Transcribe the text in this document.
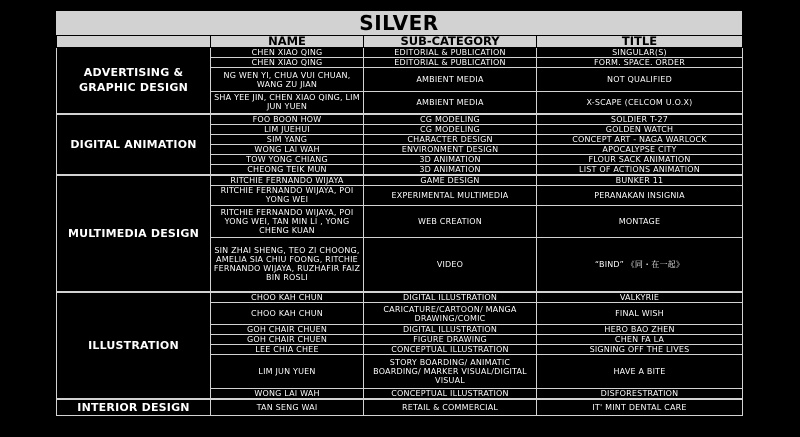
SILVER
	NAME	SUB-CATEGORY	TITLE
ADVERTISING & GRAPHIC DESIGN	CHEN XIAO QING	EDITORIAL & PUBLICATION	SINGULAR(S)
	CHEN XIAO QING	EDITORIAL & PUBLICATION	FORM. SPACE. ORDER
	NG WEN YI, CHUA VUI CHUAN, WANG ZU JIAN	AMBIENT MEDIA	NOT QUALIFIED
	SHA YEE JIN, CHEN XIAO QING, LIM JUN YUEN	AMBIENT MEDIA	X-SCAPE (CELCOM U.O.X)
DIGITAL ANIMATION	FOO BOON HOW	CG MODELING	SOLDIER T-27
	LIM JUEHUI	CG MODELING	GOLDEN WATCH
	SIM YANG	CHARACTER DESIGN	CONCEPT ART - NAGA WARLOCK
	WONG LAI WAH	ENVIRONMENT DESIGN	APOCALYPSE CITY
	TOW YONG CHIANG	3D ANIMATION	FLOUR SACK ANIMATION
	CHEONG TEIK MUN	3D ANIMATION	LIST OF ACTIONS ANIMATION
MULTIMEDIA DESIGN	RITCHIE FERNANDO WIJAYA	GAME DESIGN	BUNKER 11
	RITCHIE FERNANDO WIJAYA, POI YONG WEI	EXPERIMENTAL MULTIMEDIA	PERANAKAN INSIGNIA
	RITCHIE FERNANDO WIJAYA, POI YONG WEI, TAN MIN LI , YONG CHENG KUAN	WEB CREATION	MONTAGE
	SIN ZHAI SHENG, TEO ZI CHOONG, AMELIA SIA CHIU FOONG, RITCHIE FERNANDO WIJAYA, RUZHAFIR FAIZ BIN ROSLI	VIDEO	“BIND” 《同・在一起》
ILLUSTRATION	CHOO KAH CHUN	DIGITAL ILLUSTRATION	VALKYRIE
	CHOO KAH CHUN	CARICATURE/CARTOON/ MANGA DRAWING/COMIC	FINAL WISH
	GOH CHAIR CHUEN	DIGITAL ILLUSTRATION	HERO BAO ZHEN
	GOH CHAIR CHUEN	FIGURE DRAWING	CHEN FA LA
	LEE CHIA CHEE	CONCEPTUAL ILLUSTRATION	SIGNING OFF THE LIVES
	LIM JUN YUEN	STORY BOARDING/ ANIMATIC BOARDING/ MARKER VISUAL/DIGITAL VISUAL	HAVE A BITE
	WONG LAI WAH	CONCEPTUAL ILLUSTRATION	DISFORESTRATION
INTERIOR DESIGN	TAN SENG WAI	RETAIL & COMMERCIAL	IT' MINT DENTAL CARE
